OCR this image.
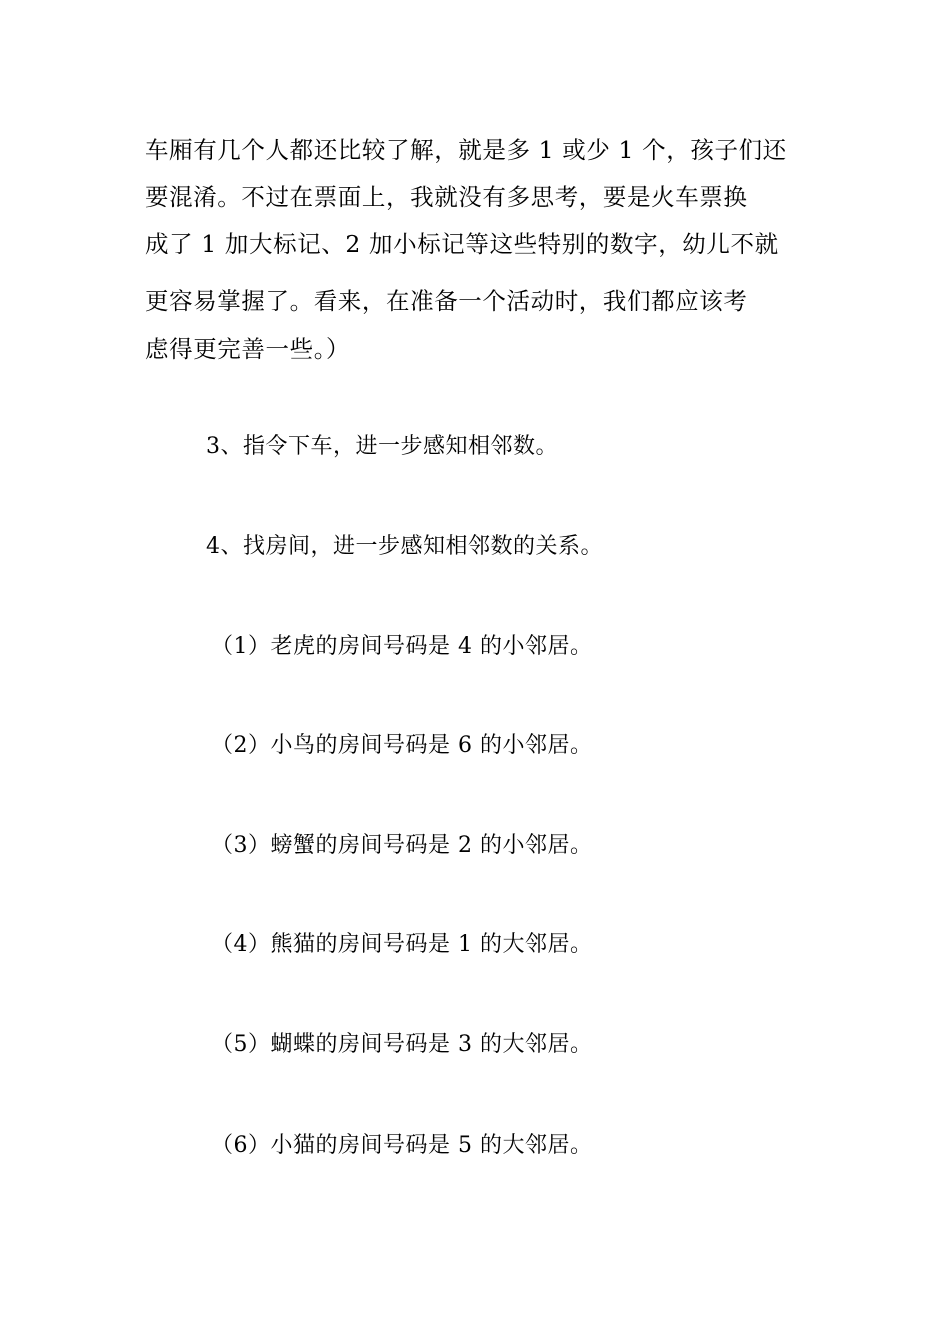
车厢有几个人都还比较了解，就是多 1 或少 1 个，孩子们还
要混淆。不过在票面上，我就没有多思考，要是火车票换
成了 1 加大标记、2 加小标记等这些特别的数字，幼儿不就
更容易掌握了。看来，在准备一个活动时，我们都应该考
虑得更完善一些。）
3、指令下车，进一步感知相邻数。
4、找房间，进一步感知相邻数的关系。
（1）老虎的房间号码是 4 的小邻居。
（2）小鸟的房间号码是 6 的小邻居。
（3）螃蟹的房间号码是 2 的小邻居。
（4）熊猫的房间号码是 1 的大邻居。
（5）蝴蝶的房间号码是 3 的大邻居。
（6）小猫的房间号码是 5 的大邻居。
